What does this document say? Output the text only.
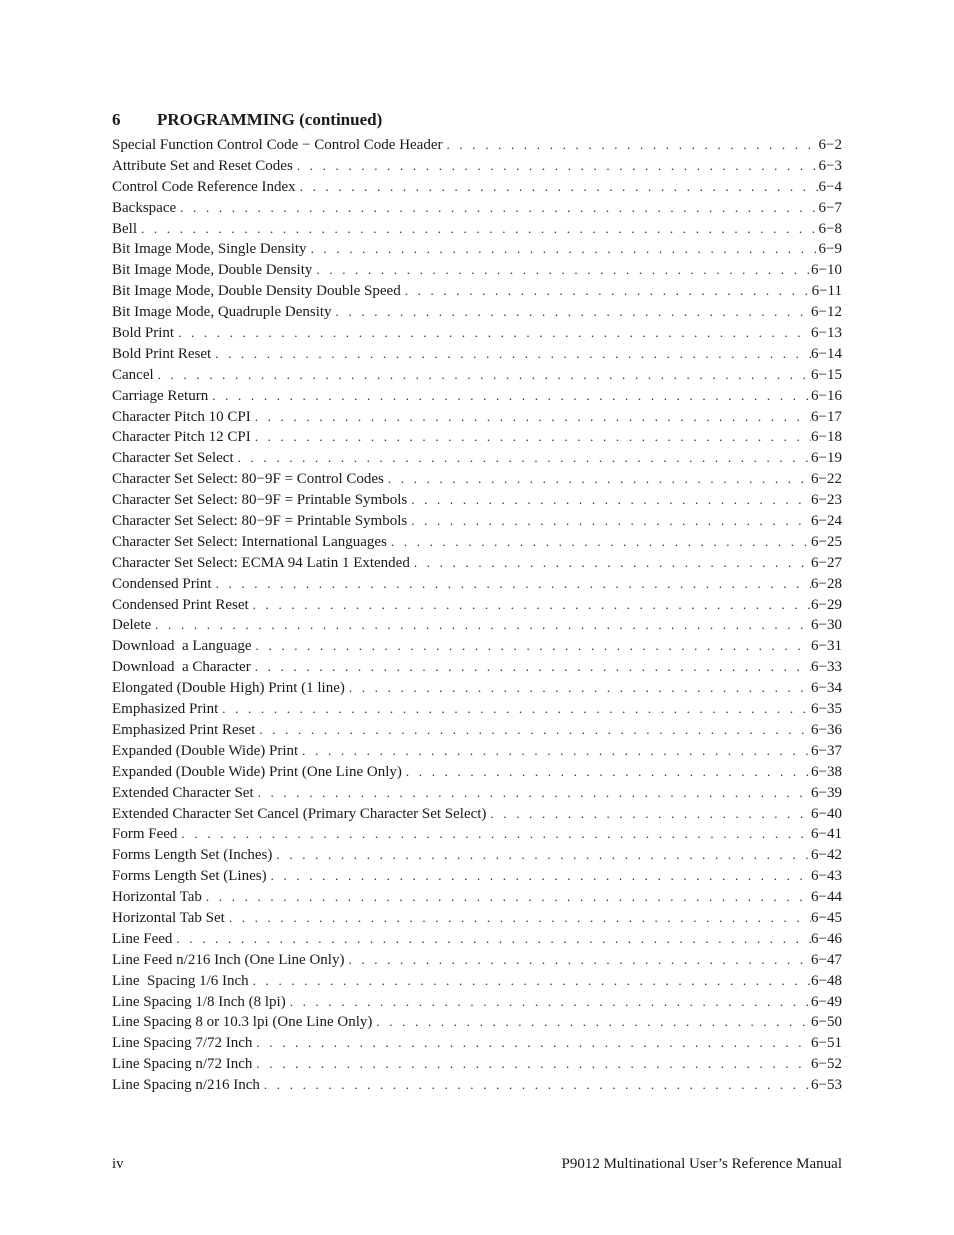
6 PROGRAMMING (continued)
Special Function Control Code − Control Code Header . . .	6−2
Attribute Set and Reset Codes . . .	6−3
Control Code Reference Index . . .	6−4
Backspace . . .	6−7
Bell . . .	6−8
Bit Image Mode, Single Density . . .	6−9
Bit Image Mode, Double Density . . .	6−10
Bit Image Mode, Double Density Double Speed . . .	6−11
Bit Image Mode, Quadruple Density . . .	6−12
Bold Print . . .	6−13
Bold Print Reset . . .	6−14
Cancel . . .	6−15
Carriage Return . . .	6−16
Character Pitch 10 CPI . . .	6−17
Character Pitch 12 CPI . . .	6−18
Character Set Select . . .	6−19
Character Set Select: 80−9F = Control Codes . . .	6−22
Character Set Select: 80−9F = Printable Symbols . . .	6−23
Character Set Select: 80−9F = Printable Symbols . . .	6−24
Character Set Select: International Languages . . .	6−25
Character Set Select: ECMA 94 Latin 1 Extended . . .	6−27
Condensed Print . . .	6−28
Condensed Print Reset . . .	6−29
Delete . . .	6−30
Download  a Language . . .	6−31
Download  a Character . . .	6−33
Elongated (Double High) Print (1 line) . . .	6−34
Emphasized Print . . .	6−35
Emphasized Print Reset . . .	6−36
Expanded (Double Wide) Print . . .	6−37
Expanded (Double Wide) Print (One Line Only) . . .	6−38
Extended Character Set . . .	6−39
Extended Character Set Cancel (Primary Character Set Select) . . .	6−40
Form Feed . . .	6−41
Forms Length Set (Inches) . . .	6−42
Forms Length Set (Lines) . . .	6−43
Horizontal Tab . . .	6−44
Horizontal Tab Set . . .	6−45
Line Feed . . .	6−46
Line Feed n/216 Inch (One Line Only) . . .	6−47
Line  Spacing 1/6 Inch . . .	6−48
Line Spacing 1/8 Inch (8 lpi) . . .	6−49
Line Spacing 8 or 10.3 lpi (One Line Only) . . .	6−50
Line Spacing 7/72 Inch . . .	6−51
Line Spacing n/72 Inch . . .	6−52
Line Spacing n/216 Inch . . .	6−53
iv	P9012 Multinational User’s Reference Manual
